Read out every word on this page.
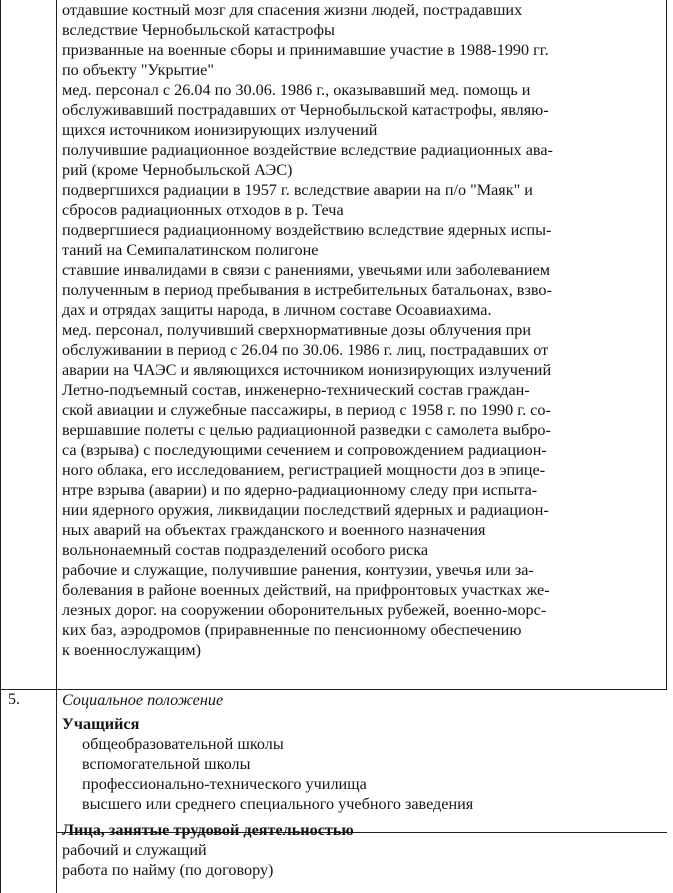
отдавшие костный мозг для спасения жизни людей, пострадавших

вследствие Чернобыльской катастрофы

призванные на военные сборы и принимавшие участие в 1988-1990 гг.

по объекту "Укрытие"

мед. персонал с 26.04 по 30.06. 1986 г., оказывавший мед. помощь и

обслуживавший пострадавших от Чернобыльской катастрофы, являю-

щихся источником ионизирующих излучений

получившие радиационное воздействие вследствие радиационных ава-

рий (кроме Чернобыльской АЭС)

подвергшихся радиации в 1957 г. вследствие аварии на п/о "Маяк" и

сбросов радиационных отходов в р. Теча

подвергшиеся радиационному воздействию вследствие ядерных испы-

таний на Семипалатинском полигоне

ставшие инвалидами в связи с ранениями, увечьями или заболеванием

полученным в период пребывания в истребительных батальонах, взво-

дах и отрядах защиты народа, в личном составе Осоавиахима.

мед. персонал, получивший сверхнормативные дозы облучения при

обслуживании в период с 26.04 по 30.06. 1986 г. лиц, пострадавших от

аварии на ЧАЭС и являющихся источником ионизирующих излучений

Летно-подъемный состав, инженерно-технический состав граждан-

ской авиации и служебные пассажиры, в период с 1958 г. по 1990 г. со-

вершавшие полеты с целью радиационной разведки с самолета выбро-

са (взрыва) с последующими сечением и сопровождением радиацион-

ного облака, его исследованием, регистрацией мощности доз в эпице-

нтре взрыва (аварии) и по ядерно-радиационному следу при испыта-

нии ядерного оружия, ликвидации последствий ядерных и радиацион-

ных аварий на объектах гражданского и военного назначения

вольнонаемный состав подразделений особого риска

рабочие и служащие, получившие ранения, контузии, увечья или за-

болевания в районе военных действий, на прифронтовых участках же-

лезных дорог. на сооружении оборонительных рубежей, военно-морс-

ких баз, аэродромов (приравненные по пенсионному обеспечению

к военнослужащим)

5.	Социальное положение

Учащийся

общеобразовательной школы

вспомогательной школы

профессионально-технического училища

высшего или среднего специального учебного заведения

Лица, занятые трудовой деятельностью

рабочий и служащий

работа по найму (по договору)
